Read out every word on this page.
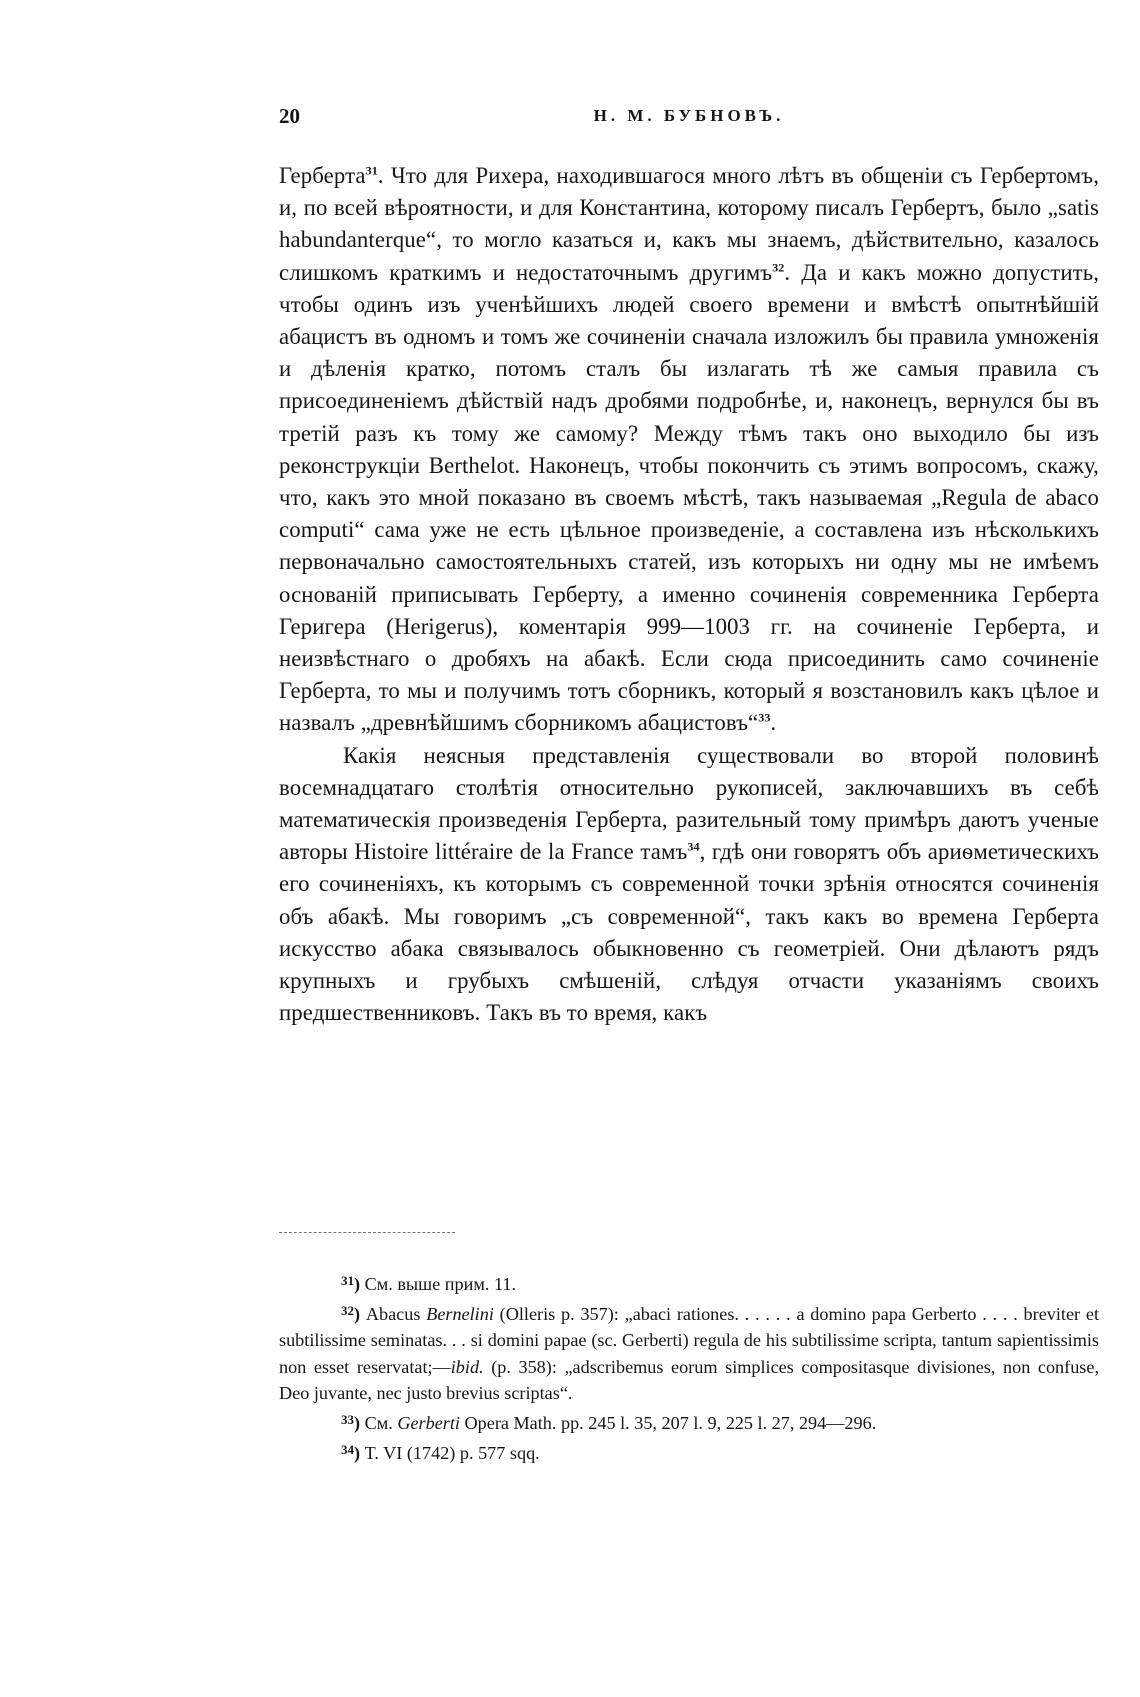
20	Н. М. БУБНОВЪ.

Герберта$^{31}$. Что для Рихера, находившагося много лѣтъ въ общеніи съ Гербертомъ, и, по всей вѣроятности, и для Константина, которому писалъ Гербертъ, было „satis habundanterque“, то могло казаться и, какъ мы знаемъ, дѣйствительно, казалось слишкомъ краткимъ и недостаточнымъ другимъ$^{32}$. Да и какъ можно допустить, чтобы одинъ изъ ученѣйшихъ людей своего времени и вмѣстѣ опытнѣйшій абацистъ въ одномъ и томъ же сочиненіи сначала изложилъ бы правила умноженія и дѣленія кратко, потомъ сталъ бы излагать тѣ же самыя правила съ присоединеніемъ дѣйствій надъ дробями подробнѣе, и, наконецъ, вернулся бы въ третій разъ къ тому же самому? Между тѣмъ такъ оно выходило бы изъ реконструкціи Berthelot. Наконецъ, чтобы покончить съ этимъ вопросомъ, скажу, что, какъ это мной показано въ своемъ мѣстѣ, такъ называемая „Regula de abaco computi“ сама уже не есть цѣльное произведеніе, а составлена изъ нѣсколькихъ первоначально самостоятельныхъ статей, изъ которыхъ ни одну мы не имѣемъ основаній приписывать Герберту, а именно сочиненія современника Герберта Геригера (Herigerus), коментарія 999—1003 гг. на сочиненіе Герберта, и неизвѣстнаго о дробяхъ на абакѣ. Если сюда присоединить само сочиненіе Герберта, то мы и получимъ тотъ сборникъ, который я возстановилъ какъ цѣлое и назвалъ „древнѣйшимъ сборникомъ абацистовъ“$^{33}$.

Какія неясныя представленія существовали во второй половинѣ восемнадцатаго столѣтія относительно рукописей, заключавшихъ въ себѣ математическія произведенія Герберта, разительный тому примѣръ даютъ ученые авторы Histoire littéraire de la France тамъ$^{34}$, гдѣ они говорятъ объ ариѳметическихъ его сочиненіяхъ, къ которымъ съ современной точки зрѣнія относятся сочиненія объ абакѣ. Мы говоримъ „съ современной“, такъ какъ во времена Герберта искусство абака связывалось обыкновенно съ геометріей. Они дѣлаютъ рядъ крупныхъ и грубыхъ смѣшеній, слѣдуя отчасти указаніямъ своихъ предшественниковъ. Такъ въ то время, какъ

$^{31}$) См. выше прим. 11.

$^{32}$) Abacus Bernelini (Olleris p. 357): „abaci rationes. . . . . . a domino papa Gerberto . . . . breviter et subtilissime seminatas. . . si domini papae (sc. Gerberti) regula de his subtilissime scripta, tantum sapientissimis non esset reservatat;—ibid. (p. 358): „adscribemus eorum simplices compositasque divisiones, non confuse, Deo juvante, nec justo brevius scriptas“.

$^{33}$) См. Gerberti Opera Math. pp. 245 l. 35, 207 l. 9, 225 l. 27, 294—296.

$^{34}$) T. VI (1742) p. 577 sqq.
